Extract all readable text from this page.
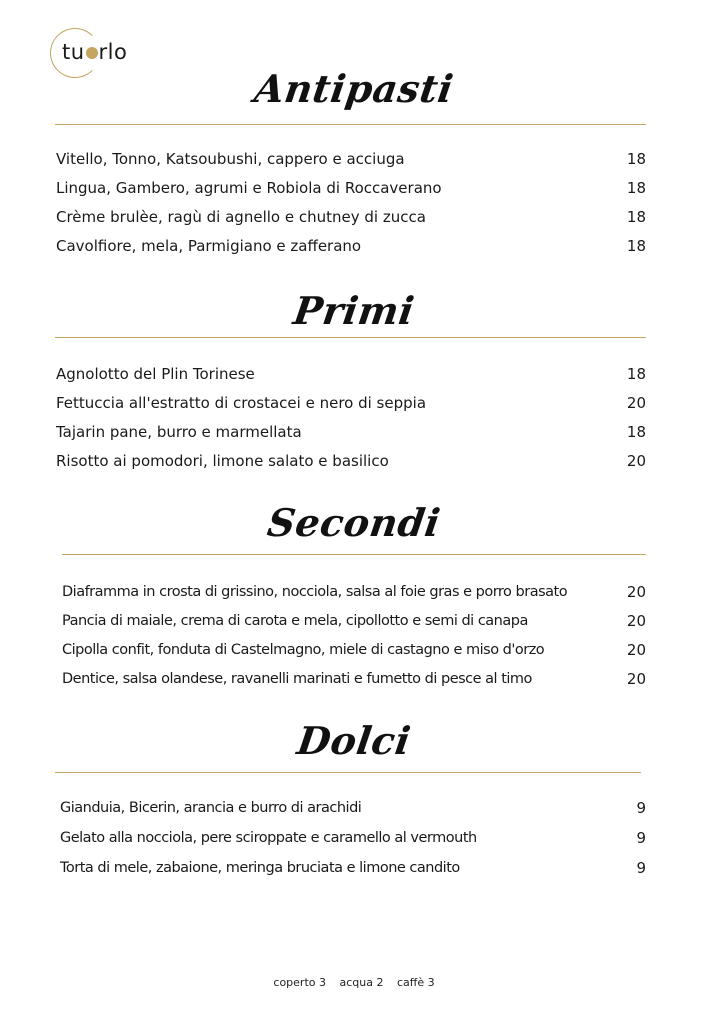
tu rlo
Antipasti
Vitello, Tonno, Katsoubushi, cappero e acciuga	18
Lingua, Gambero, agrumi e Robiola di Roccaverano	18
Crème brulèe, ragù di agnello e chutney di zucca	18
Cavolfiore, mela, Parmigiano e zafferano	18
Primi
Agnolotto del Plin Torinese	18
Fettuccia all'estratto di crostacei e nero di seppia	20
Tajarin pane, burro e marmellata	18
Risotto ai pomodori, limone salato e basilico	20
Secondi
Diaframma in crosta di grissino, nocciola, salsa al foie gras e porro brasato	20
Pancia di maiale, crema di carota e mela, cipollotto e semi di canapa	20
Cipolla confit, fonduta di Castelmagno, miele di castagno e miso d'orzo	20
Dentice, salsa olandese, ravanelli marinati e fumetto di pesce al timo	20
Dolci
Gianduia, Bicerin, arancia e burro di arachidi	9
Gelato alla nocciola, pere sciroppate e caramello al vermouth	9
Torta di mele, zabaione, meringa bruciata e limone candito	9
coperto 3 acqua 2 caffè 3
